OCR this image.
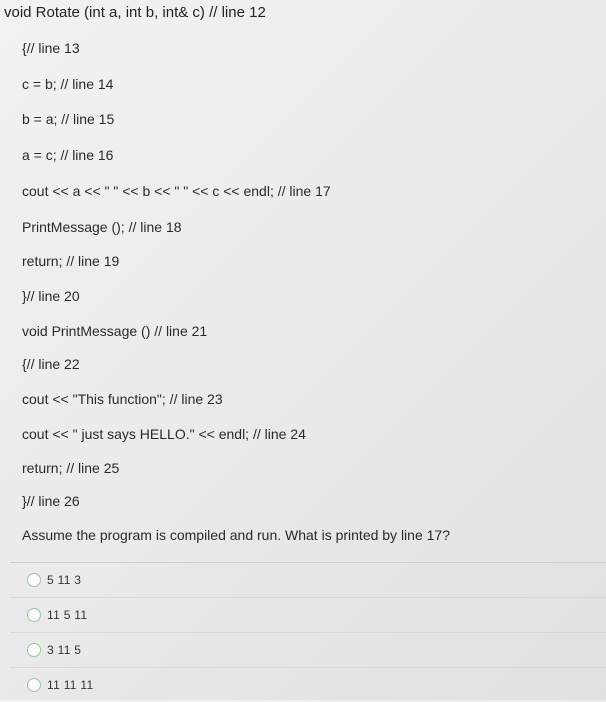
void Rotate (int a, int b, int& c) // line 12
{// line 13
c = b; // line 14
b = a; // line 15
a = c; // line 16
cout << a << " " << b << " " << c << endl; // line 17
PrintMessage (); // line 18
return; // line 19
}// line 20
void PrintMessage () // line 21
{// line 22
cout << "This function"; // line 23
cout << " just says HELLO." << endl; // line 24
return; // line 25
}// line 26
Assume the program is compiled and run. What is printed by line 17?
5 11 3
11 5 11
3 11 5
11 11 11
